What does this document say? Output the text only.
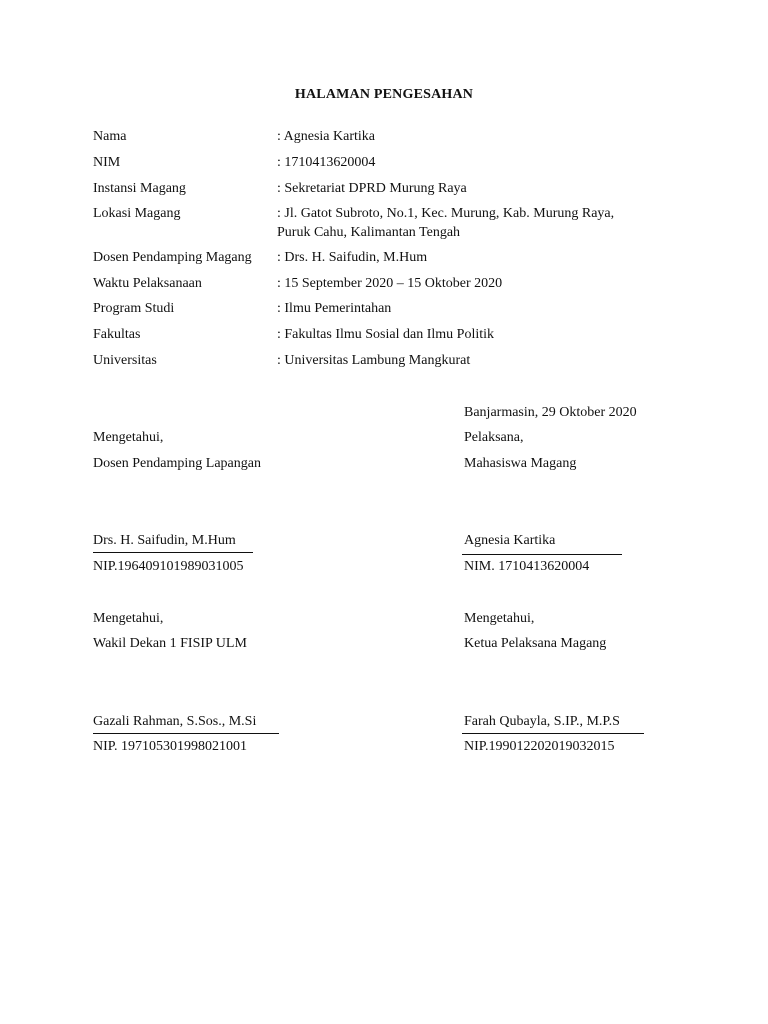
HALAMAN PENGESAHAN
Nama	: Agnesia Kartika
NIM	: 1710413620004
Instansi Magang	: Sekretariat DPRD Murung Raya
Lokasi Magang	: Jl. Gatot Subroto, No.1, Kec. Murung, Kab. Murung Raya,
Puruk Cahu, Kalimantan Tengah
Dosen Pendamping Magang : Drs. H. Saifudin, M.Hum
Waktu Pelaksanaan	: 15 September 2020 – 15 Oktober 2020
Program Studi	: Ilmu Pemerintahan
Fakultas	: Fakultas Ilmu Sosial dan Ilmu Politik
Universitas	: Universitas Lambung Mangkurat
Banjarmasin, 29 Oktober 2020
Mengetahui,
Dosen Pendamping Lapangan
Drs. H. Saifudin, M.Hum
NIP.196409101989031005
Pelaksana,
Mahasiswa Magang
Agnesia Kartika
NIM. 1710413620004
Mengetahui,
Wakil Dekan 1 FISIP ULM
Gazali Rahman, S.Sos., M.Si
NIP. 197105301998021001
Mengetahui,
Ketua Pelaksana Magang
Farah Qubayla, S.IP., M.P.S
NIP.199012202019032015
